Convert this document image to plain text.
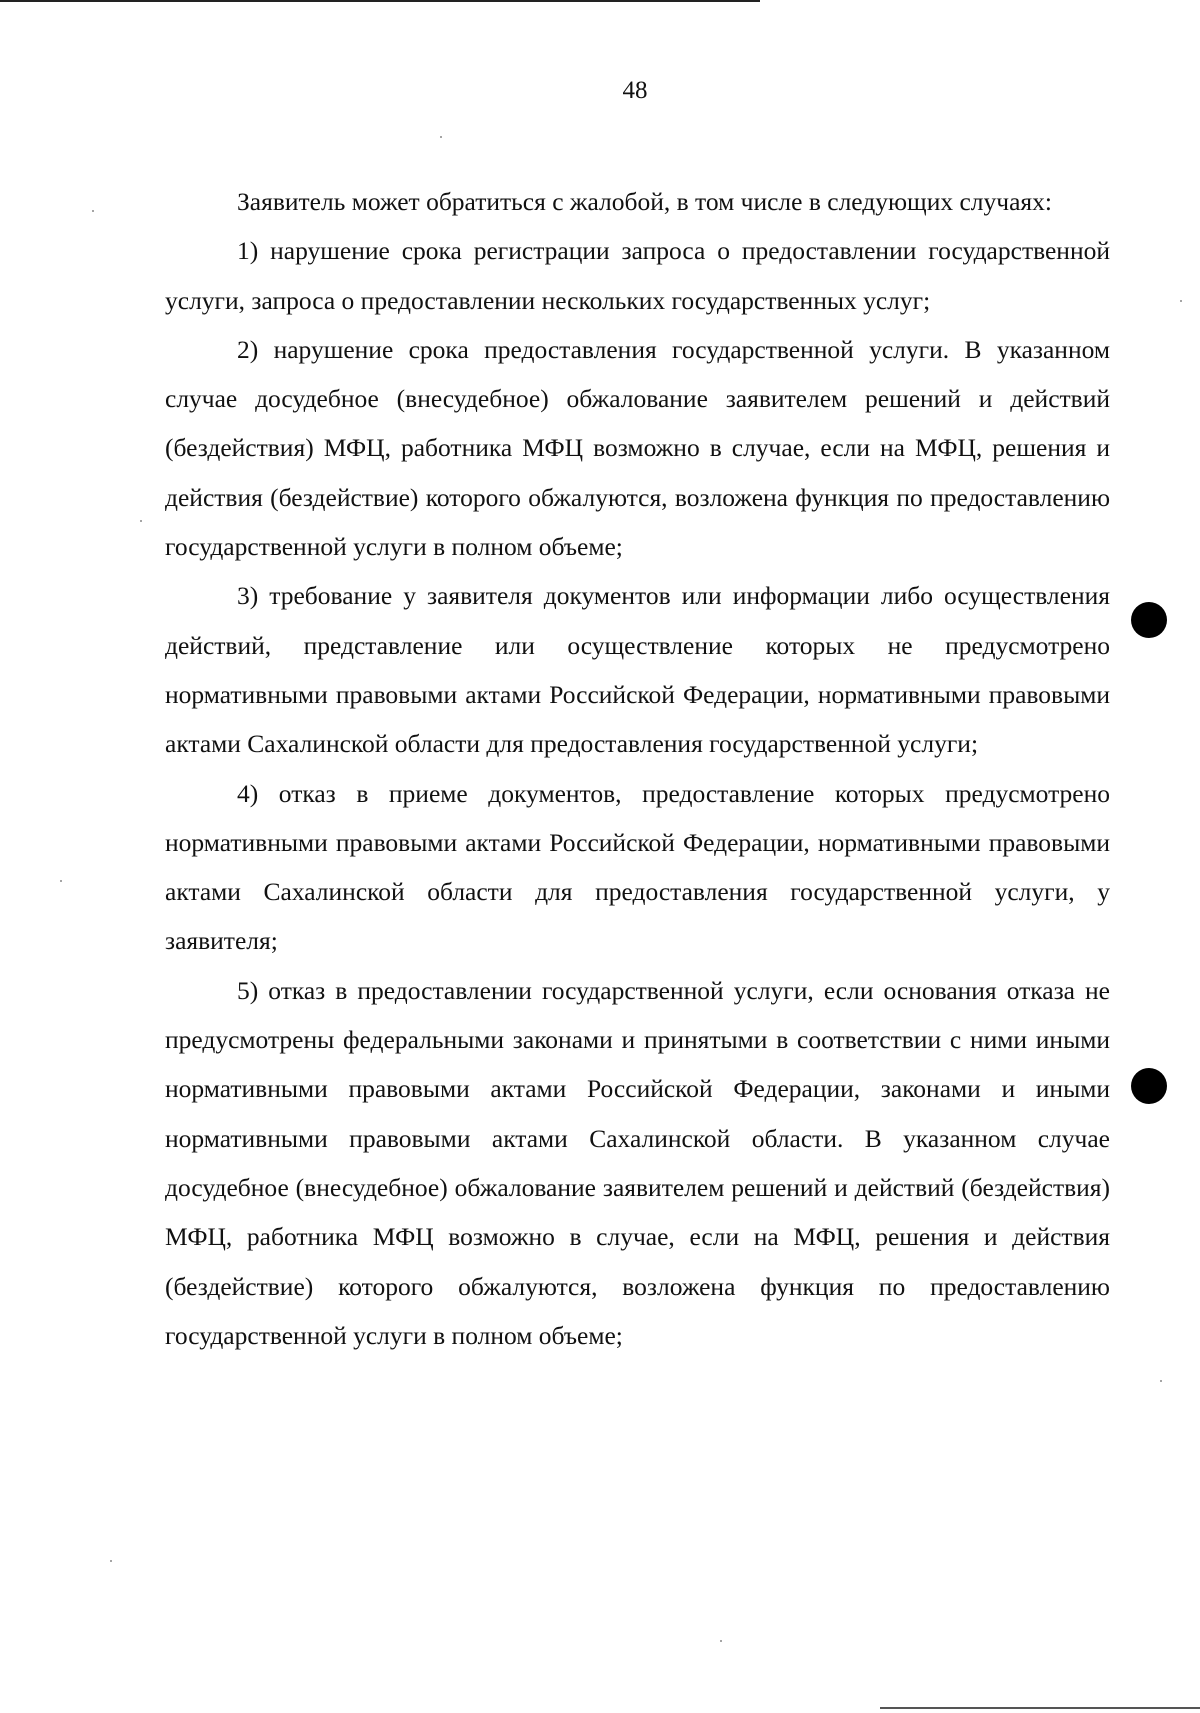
48

Заявитель может обратиться с жалобой, в том числе в следующих случаях:

1) нарушение срока регистрации запроса о предоставлении государственной услуги, запроса о предоставлении нескольких государственных услуг;

2) нарушение срока предоставления государственной услуги. В указанном случае досудебное (внесудебное) обжалование заявителем решений и действий (бездействия) МФЦ, работника МФЦ возможно в случае, если на МФЦ, решения и действия (бездействие) которого обжалуются, возложена функция по предоставлению государственной услуги в полном объеме;

3) требование у заявителя документов или информации либо осуществления действий, представление или осуществление которых не предусмотрено нормативными правовыми актами Российской Федерации, нормативными правовыми актами Сахалинской области для предоставления государственной услуги;

4) отказ в приеме документов, предоставление которых предусмотрено нормативными правовыми актами Российской Федерации, нормативными правовыми актами Сахалинской области для предоставления государственной услуги, у заявителя;

5) отказ в предоставлении государственной услуги, если основания отказа не предусмотрены федеральными законами и принятыми в соответствии с ними иными нормативными правовыми актами Российской Федерации, законами и иными нормативными правовыми актами Сахалинской области. В указанном случае досудебное (внесудебное) обжалование заявителем решений и действий (бездействия) МФЦ, работника МФЦ возможно в случае, если на МФЦ, решения и действия (бездействие) которого обжалуются, возложена функция по предоставлению государственной услуги в полном объеме;
